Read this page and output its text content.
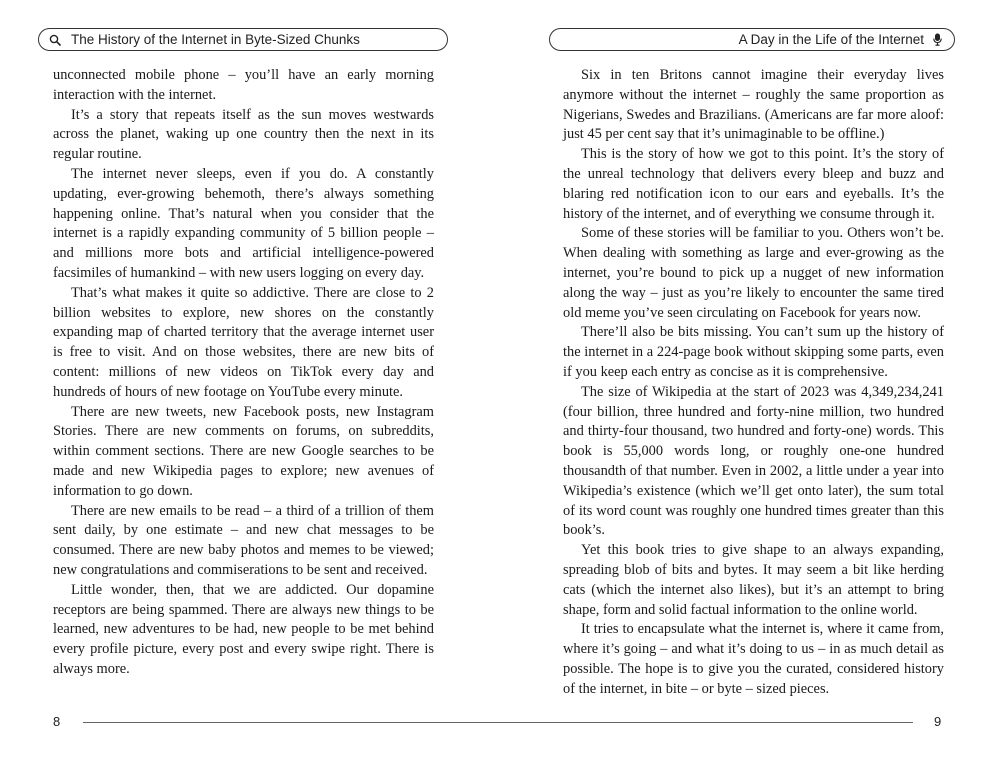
The History of the Internet in Byte-Sized Chunks	A Day in the Life of the Internet

unconnected mobile phone – you’ll have an early morning interaction with the internet.

It’s a story that repeats itself as the sun moves westwards across the planet, waking up one country then the next in its regular routine.

The internet never sleeps, even if you do. A constantly updating, ever-growing behemoth, there’s always something happening online. That’s natural when you consider that the internet is a rapidly expanding community of 5 billion people – and millions more bots and artificial intelligence-powered facsimiles of humankind – with new users logging on every day.

That’s what makes it quite so addictive. There are close to 2 billion websites to explore, new shores on the constantly expanding map of charted territory that the average internet user is free to visit. And on those websites, there are new bits of content: millions of new videos on TikTok every day and hundreds of hours of new footage on YouTube every minute.

There are new tweets, new Facebook posts, new Instagram Stories. There are new comments on forums, on subreddits, within comment sections. There are new Google searches to be made and new Wikipedia pages to explore; new avenues of information to go down.

There are new emails to be read – a third of a trillion of them sent daily, by one estimate – and new chat messages to be consumed. There are new baby photos and memes to be viewed; new congratulations and commiserations to be sent and received.

Little wonder, then, that we are addicted. Our dopamine receptors are being spammed. There are always new things to be learned, new adventures to be had, new people to be met behind every profile picture, every post and every swipe right. There is always more.

Six in ten Britons cannot imagine their everyday lives anymore without the internet – roughly the same proportion as Nigerians, Swedes and Brazilians. (Americans are far more aloof: just 45 per cent say that it’s unimaginable to be offline.)

This is the story of how we got to this point. It’s the story of the unreal technology that delivers every bleep and buzz and blaring red notification icon to our ears and eyeballs. It’s the history of the internet, and of everything we consume through it.

Some of these stories will be familiar to you. Others won’t be. When dealing with something as large and ever-growing as the internet, you’re bound to pick up a nugget of new information along the way – just as you’re likely to encounter the same tired old meme you’ve seen circulating on Facebook for years now.

There’ll also be bits missing. You can’t sum up the history of the internet in a 224-page book without skipping some parts, even if you keep each entry as concise as it is comprehensive.

The size of Wikipedia at the start of 2023 was 4,349,234,241 (four billion, three hundred and forty-nine million, two hundred and thirty-four thousand, two hundred and forty-one) words. This book is 55,000 words long, or roughly one-one hundred thousandth of that number. Even in 2002, a little under a year into Wikipedia’s existence (which we’ll get onto later), the sum total of its word count was roughly one hundred times greater than this book’s.

Yet this book tries to give shape to an always expanding, spreading blob of bits and bytes. It may seem a bit like herding cats (which the internet also likes), but it’s an attempt to bring shape, form and solid factual information to the online world.

It tries to encapsulate what the internet is, where it came from, where it’s going – and what it’s doing to us – in as much detail as possible. The hope is to give you the curated, considered history of the internet, in bite – or byte – sized pieces.

8	9
